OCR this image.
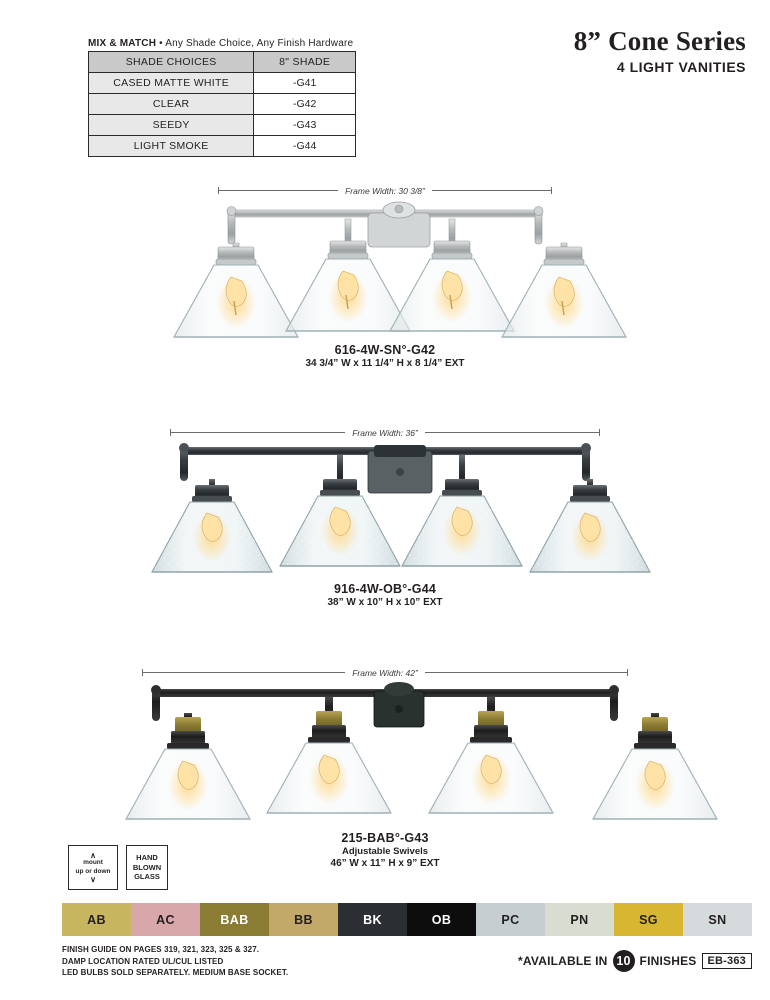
MIX & MATCH • Any Shade Choice, Any Finish Hardware
SHADE CHOICES	8" SHADE
CASED MATTE WHITE	-G41
CLEAR	-G42
SEEDY	-G43
LIGHT SMOKE	-G44
8” Cone Series
4 LIGHT VANITIES
Frame Width: 30 3/8”
616-4W-SN°-G42
34 3/4” W x 11 1/4” H x 8 1/4” EXT
Frame Width: 36”
916-4W-OB°-G44
38” W x 10” H x 10” EXT
Frame Width: 42”
215-BAB°-G43
Adjustable Swivels
46” W x 11” H x 9” EXT
∧
mount
up or down
∨
HAND
BLOWN
GLASS
AB	AC	BAB	BB	BK	OB	PC	PN	SG	SN
FINISH GUIDE ON PAGES 319, 321, 323, 325 & 327.
DAMP LOCATION RATED UL/CUL LISTED
LED BULBS SOLD SEPARATELY. MEDIUM BASE SOCKET.
*AVAILABLE IN 10 FINISHES	EB-363
